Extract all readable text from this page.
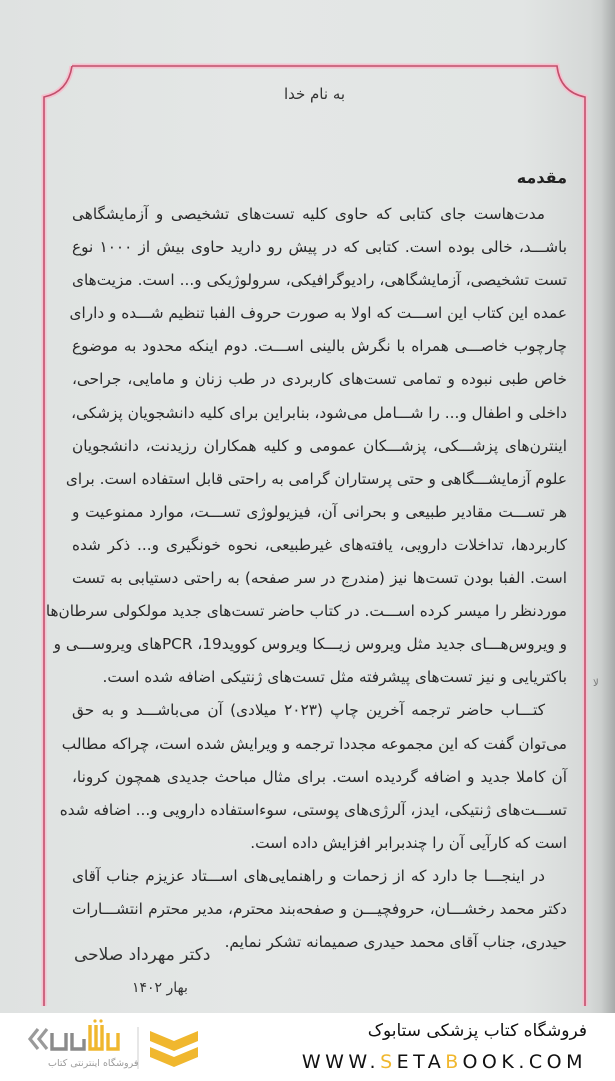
به نام خدا
مقدمه
مدت‌هاست جای کتابی که حاوی کلیه تست‌های تشخیصی و آزمایشگاهی
باشـــد، خالی بوده است. کتابی که در پیش رو دارید حاوی بیش از ۱۰۰۰ نوع
تست تشخیصی، آزمایشگاهی، رادیوگرافیکی، سرولوژیکی و... است. مزیت‌های
عمده این کتاب این اســـت که اولا به صورت حروف الفبا تنظیم شـــده و دارای
چارچوب خاصـــی همراه با نگرش بالینی اســـت. دوم اینکه محدود به موضوع
خاص طبی نبوده و تمامی تست‌های کاربردی در طب زنان و مامایی، جراحی،
داخلی و اطفال و... را شـــامل می‌شود، بنابراین برای کلیه دانشجویان پزشکی،
اینترن‌های پزشـــکی، پزشـــکان عمومی و کلیه همکاران رزیدنت، دانشجویان
علوم آزمایشـــگاهی و حتی پرستاران گرامی به راحتی قابل استفاده است. برای
هر تســـت مقادیر طبیعی و بحرانی آن، فیزیولوژی تســـت، موارد ممنوعیت و
کاربردها، تداخلات دارویی، یافته‌های غیرطبیعی، نحوه خونگیری و... ذکر شده
است. الفبا بودن تست‌ها نیز (مندرج در سر صفحه) به راحتی دستیابی به تست
موردنظر را میسر کرده اســـت. در کتاب حاضر تست‌های جدید مولکولی سرطان‌ها
و ویروس‌هـــای جدید مثل ویروس زیـــکا ویروس کووید19، PCRهای ویروســـی و
باکتریایی و نیز تست‌های پیشرفته مثل تست‌های ژنتیکی اضافه شده است.
کتـــاب حاضر ترجمه آخرین چاپ (۲۰۲۳ میلادی) آن می‌باشـــد و به حق
می‌توان گفت که این مجموعه مجددا ترجمه و ویرایش شده است، چراکه مطالب
آن کاملا جدید و اضافه گردیده است. برای مثال مباحث جدیدی همچون کرونا،
تســـت‌های ژنتیکی، ایدز، آلرژی‌های پوستی، سوءاستفاده دارویی و... اضافه شده
است که کارآیی آن را چندبرابر افزایش داده است.
در اینجـــا جا دارد که از زحمات و راهنمایی‌های اســـتاد عزیزم جناب آقای
دکتر محمد رخشـــان، حروفچیـــن و صفحه‌بند محترم، مدیر محترم انتشـــارات
حیدری، جناب آقای محمد حیدری صمیمانه تشکر نمایم.
دکتر مهرداد صلاحی
بهار ۱۴۰۲
ﻻ
فروشگاه اینترنتی کتاب
فروشگاه کتاب پزشکی ستابوک
WWW.SETABOOK.COM
